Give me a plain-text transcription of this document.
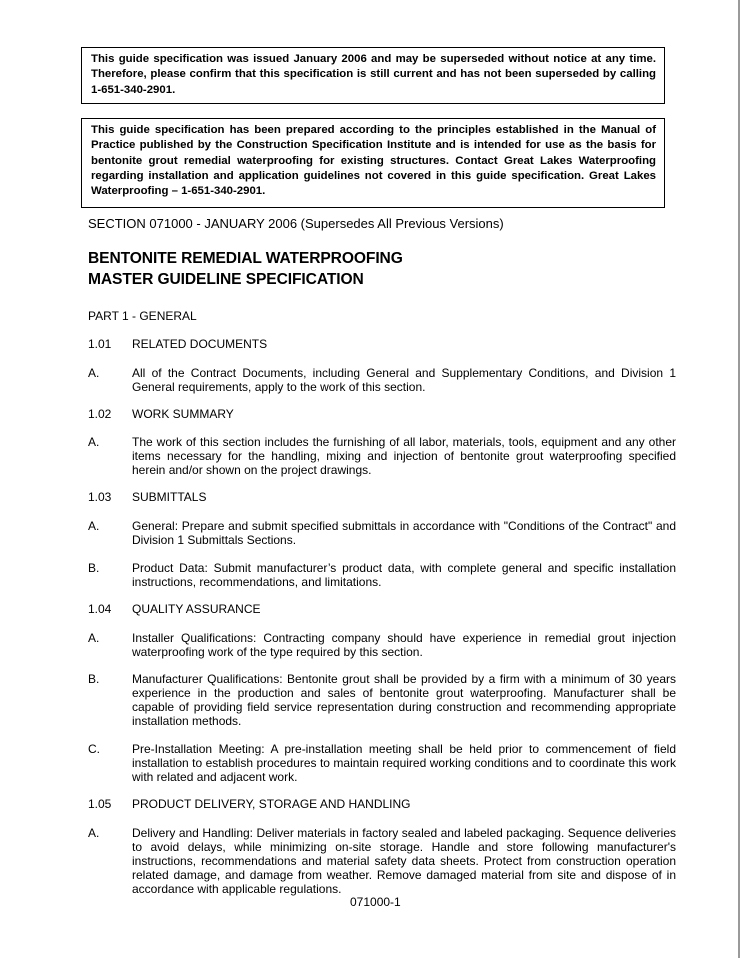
This guide specification was issued January 2006 and may be superseded without notice at any time. Therefore, please confirm that this specification is still current and has not been superseded by calling 1-651-340-2901.
This guide specification has been prepared according to the principles established in the Manual of Practice published by the Construction Specification Institute and is intended for use as the basis for bentonite grout remedial waterproofing for existing structures. Contact Great Lakes Waterproofing regarding installation and application guidelines not covered in this guide specification. Great Lakes Waterproofing – 1-651-340-2901.
SECTION 071000 - JANUARY 2006 (Supersedes All Previous Versions)
BENTONITE REMEDIAL WATERPROOFING
MASTER GUIDELINE SPECIFICATION
PART 1 - GENERAL
1.01 RELATED DOCUMENTS
A.	All of the Contract Documents, including General and Supplementary Conditions, and Division 1 General requirements, apply to the work of this section.
1.02 WORK SUMMARY
A.	The work of this section includes the furnishing of all labor, materials, tools, equipment and any other items necessary for the handling, mixing and injection of bentonite grout waterproofing specified herein and/or shown on the project drawings.
1.03 SUBMITTALS
A.	General: Prepare and submit specified submittals in accordance with "Conditions of the Contract" and Division 1 Submittals Sections.
B.	Product Data: Submit manufacturer’s product data, with complete general and specific installation instructions, recommendations, and limitations.
1.04 QUALITY ASSURANCE
A.	Installer Qualifications: Contracting company should have experience in remedial grout injection waterproofing work of the type required by this section.
B.	Manufacturer Qualifications: Bentonite grout shall be provided by a firm with a minimum of 30 years experience in the production and sales of bentonite grout waterproofing. Manufacturer shall be capable of providing field service representation during construction and recommending appropriate installation methods.
C.	Pre-Installation Meeting: A pre-installation meeting shall be held prior to commencement of field installation to establish procedures to maintain required working conditions and to coordinate this work with related and adjacent work.
1.05 PRODUCT DELIVERY, STORAGE AND HANDLING
A.	Delivery and Handling: Deliver materials in factory sealed and labeled packaging. Sequence deliveries to avoid delays, while minimizing on-site storage. Handle and store following manufacturer's instructions, recommendations and material safety data sheets. Protect from construction operation related damage, and damage from weather. Remove damaged material from site and dispose of in accordance with applicable regulations.
071000-1
